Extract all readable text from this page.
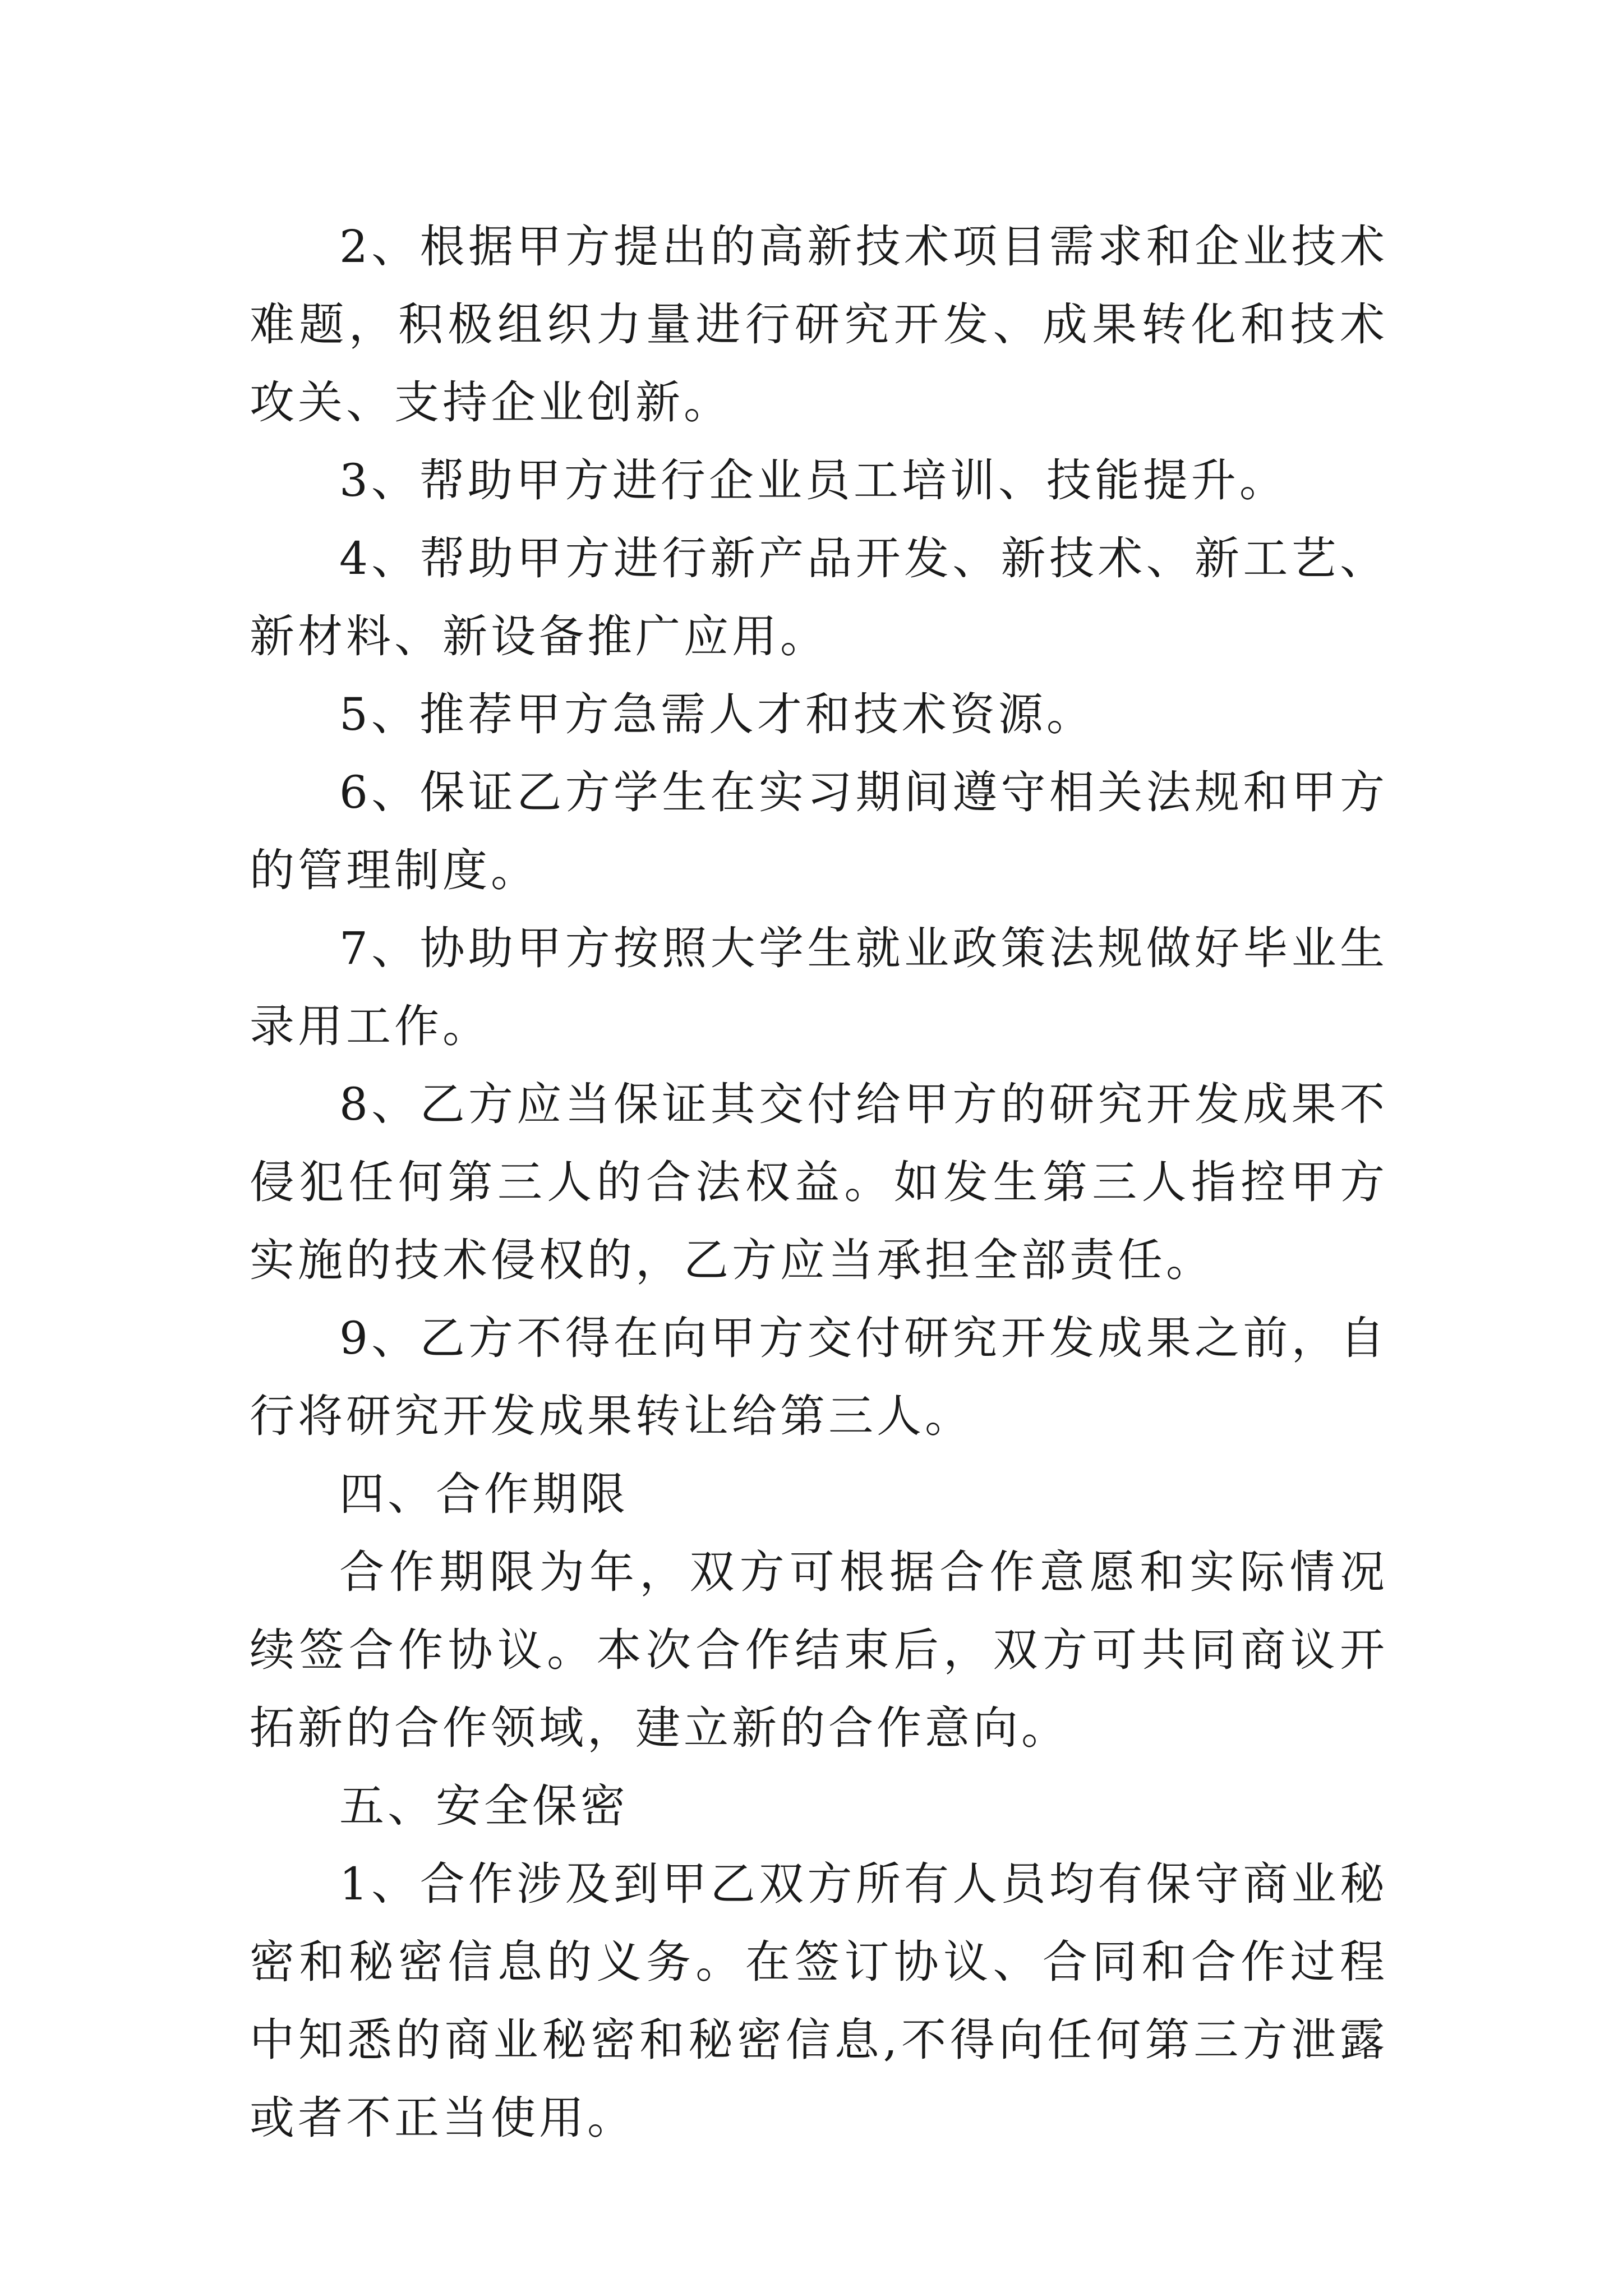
2、根据甲方提出的高新技术项目需求和企业技术难题，积极组织力量进行研究开发、成果转化和技术攻关、支持企业创新。

3、帮助甲方进行企业员工培训、技能提升。

4、帮助甲方进行新产品开发、新技术、新工艺、新材料、新设备推广应用。

5、推荐甲方急需人才和技术资源。

6、保证乙方学生在实习期间遵守相关法规和甲方的管理制度。

7、协助甲方按照大学生就业政策法规做好毕业生录用工作。

8、乙方应当保证其交付给甲方的研究开发成果不侵犯任何第三人的合法权益。如发生第三人指控甲方实施的技术侵权的，乙方应当承担全部责任。

9、乙方不得在向甲方交付研究开发成果之前，自行将研究开发成果转让给第三人。

四、合作期限

合作期限为年，双方可根据合作意愿和实际情况续签合作协议。本次合作结束后，双方可共同商议开拓新的合作领域，建立新的合作意向。

五、安全保密

1、合作涉及到甲乙双方所有人员均有保守商业秘密和秘密信息的义务。在签订协议、合同和合作过程中知悉的商业秘密和秘密信息,不得向任何第三方泄露或者不正当使用。
